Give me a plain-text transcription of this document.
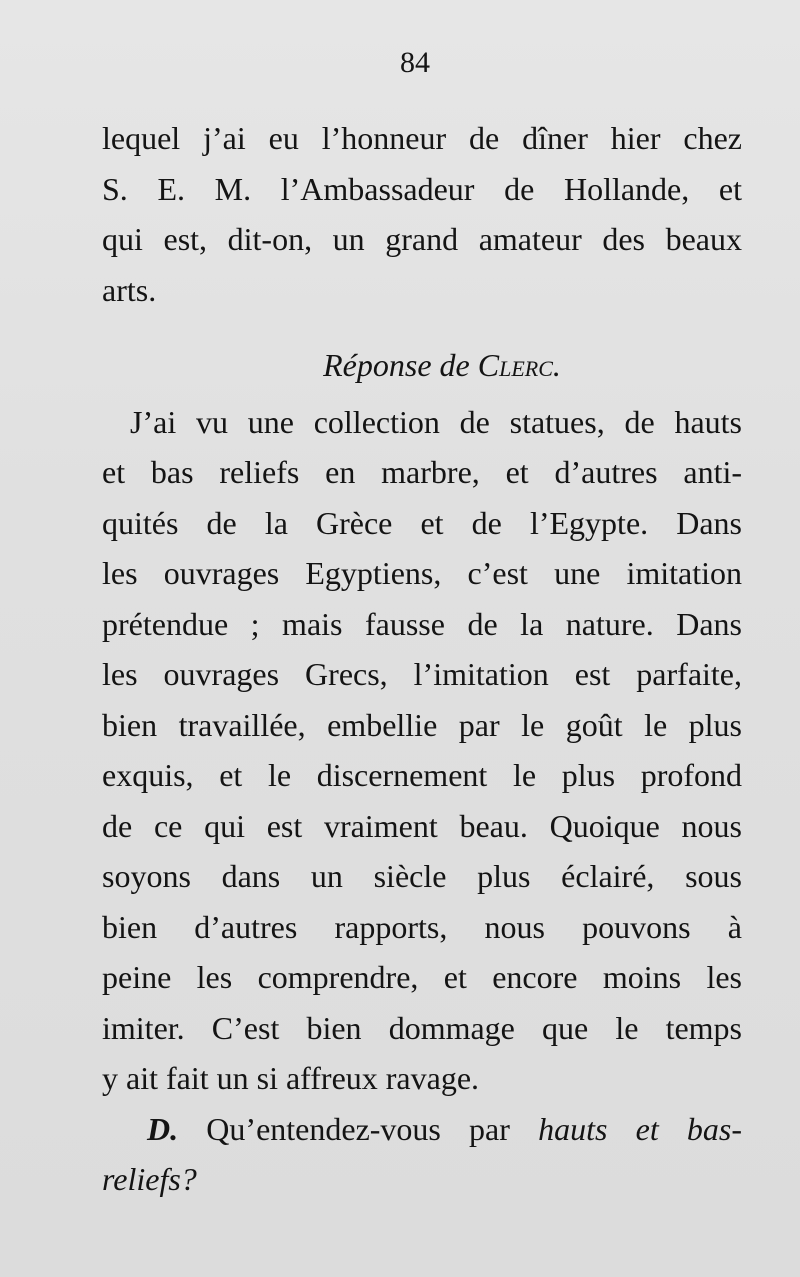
84
lequel j’ai eu l’honneur de dîner hier chez
S. E. M. l’Ambassadeur de Hollande, et
qui est, dit-on, un grand amateur des beaux
arts.
Réponse de Clerc.
J’ai vu une collection de statues, de hauts
et bas reliefs en marbre, et d’autres anti-
quités de la Grèce et de l’Egypte. Dans
les ouvrages Egyptiens, c’est une imitation
prétendue ; mais fausse de la nature. Dans
les ouvrages Grecs, l’imitation est parfaite,
bien travaillée, embellie par le goût le plus
exquis, et le discernement le plus profond
de ce qui est vraiment beau. Quoique nous
soyons dans un siècle plus éclairé, sous
bien d’autres rapports, nous pouvons à
peine les comprendre, et encore moins les
imiter. C’est bien dommage que le temps
y ait fait un si affreux ravage.
D. Qu’entendez-vous par hauts et bas-
reliefs?
